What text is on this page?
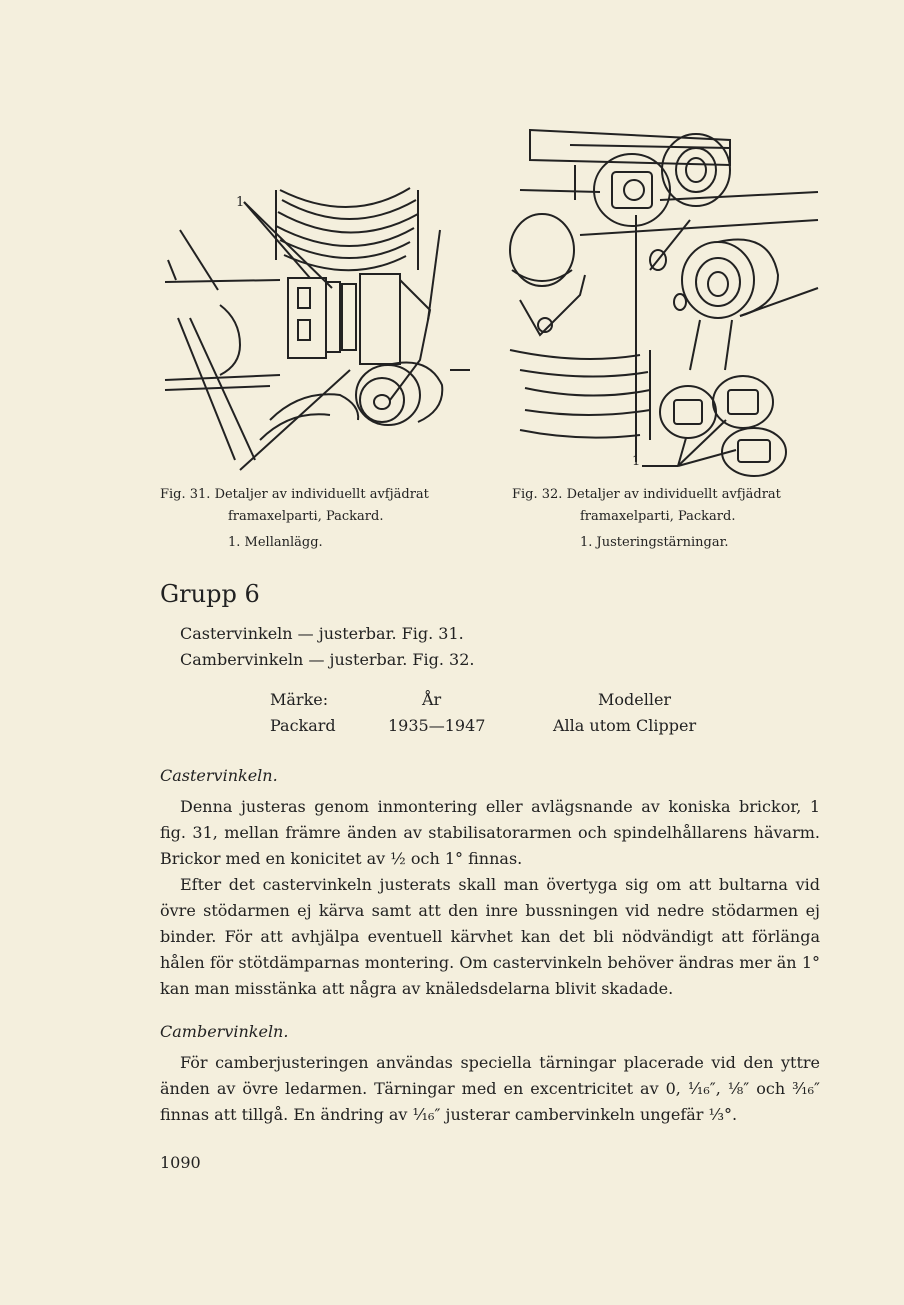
1
1
Fig. 31. Detaljer av individuellt avfjädrat
framaxelparti, Packard.
1. Mellanlägg.
Fig. 32. Detaljer av individuellt avfjädrat
framaxelparti, Packard.
1. Justeringstärningar.
Grupp 6
Castervinkeln — justerbar. Fig. 31.
Cambervinkeln — justerbar. Fig. 32.
Märke:	År	Modeller
Packard	1935—1947	Alla utom Clipper
Castervinkeln.

Denna justeras genom inmontering eller avlägsnande av koniska brickor, 1 fig. 31, mellan främre änden av stabilisatorarmen och spindelhållarens hävarm. Brickor med en konicitet av ½ och 1° finnas.

Efter det castervinkeln justerats skall man övertyga sig om att bultarna vid övre stödarmen ej kärva samt att den inre bussningen vid nedre stödarmen ej binder. För att avhjälpa eventuell kärvhet kan det bli nödvändigt att förlänga hålen för stötdämparnas montering. Om castervinkeln behöver ändras mer än 1° kan man misstänka att några av knäledsdelarna blivit skadade.

Cambervinkeln.

För camberjusteringen användas speciella tärningar placerade vid den yttre änden av övre ledarmen. Tärningar med en excentricitet av 0, ¹⁄₁₆″, ⅛″ och ³⁄₁₆″ finnas att tillgå. En ändring av ¹⁄₁₆″ justerar cambervinkeln ungefär ⅓°.

1090
